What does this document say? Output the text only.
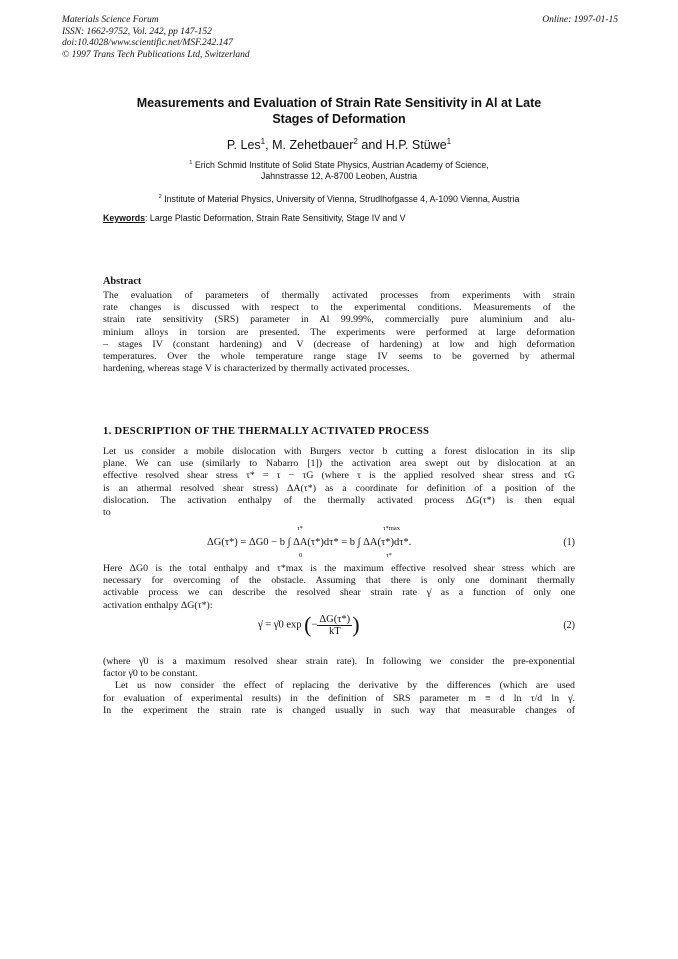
Materials Science Forum
ISSN: 1662-9752, Vol. 242, pp 147-152
doi:10.4028/www.scientific.net/MSF.242.147
© 1997 Trans Tech Publications Ltd, Switzerland
Online: 1997-01-15
Measurements and Evaluation of Strain Rate Sensitivity in Al at Late
Stages of Deformation
P. Les$^1$, M. Zehetbauer$^2$ and H.P. Stüwe$^1$
$^1$ Erich Schmid Institute of Solid State Physics, Austrian Academy of Science,
Jahnstrasse 12, A-8700 Leoben, Austria
$^2$ Institute of Material Physics, University of Vienna, Strudlhofgasse 4, A-1090 Vienna, Austria
Keywords: Large Plastic Deformation, Strain Rate Sensitivity, Stage IV and V
Abstract
The evaluation of parameters of thermally activated processes from experiments with strain
rate changes is discussed with respect to the experimental conditions. Measurements of the
strain rate sensitivity (SRS) parameter in Al 99.99%, commercially pure aluminium and alu-
minium alloys in torsion are presented. The experiments were performed at large deformation
– stages IV (constant hardening) and V (decrease of hardening) at low and high deformation
temperatures. Over the whole temperature range stage IV seems to be governed by athermal
hardening, whereas stage V is characterized by thermally activated processes.
1. DESCRIPTION OF THE THERMALLY ACTIVATED PROCESS
Let us consider a mobile dislocation with Burgers vector b cutting a forest dislocation in its slip
plane. We can use (similarly to Nabarro [1]) the activation area swept out by dislocation at an
effective resolved shear stress τ* = τ − τG (where τ is the applied resolved shear stress and τG
is an athermal resolved shear stress) ΔA(τ*) as a coordinate for definition of a position of the
dislocation. The activation enthalpy of the thermally activated process ΔG(τ*) is then equal
to
ΔG(τ*) = ΔG0 − b ∫ ΔA(τ*)dτ* = b ∫ ΔA(τ*)dτ*.
τ*
0
τ*max
τ*
(1)
Here ΔG0 is the total enthalpy and τ*max is the maximum effective resolved shear stress which are
necessary for overcoming of the obstacle. Assuming that there is only one dominant thermally
activable process we can describe the resolved shear strain rate γ̇ as a function of only one
activation enthalpy ΔG(τ*):
γ̇ = γ̇0 exp (− $\frac{\Delta G(\tau*)}{kT}$ )	(2)
(where γ̇0 is a maximum resolved shear strain rate). In following we consider the pre-exponential
factor γ̇0 to be constant.
Let us now consider the effect of replacing the derivative by the differences (which are used
for evaluation of experimental results) in the definition of SRS parameter m ≡ d ln τ/d ln γ̇.
In the experiment the strain rate is changed usually in such way that measurable changes of
